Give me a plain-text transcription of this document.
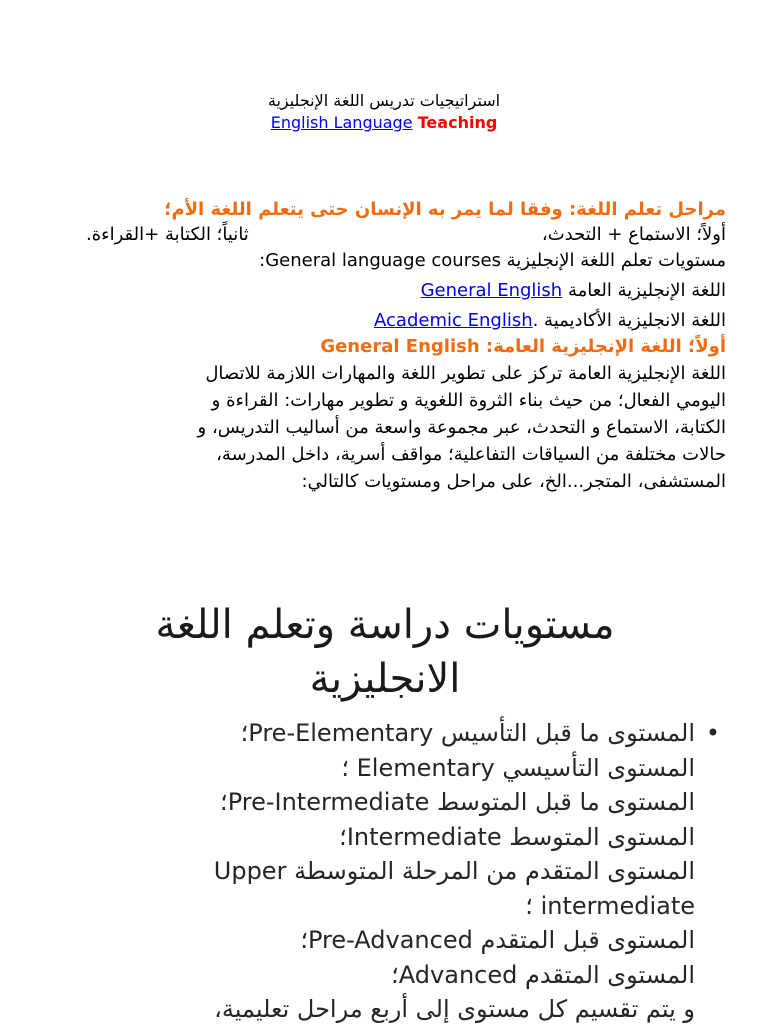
استراتيجيات تدريس اللغة الإنجليزية
English Language Teaching

مراحل تعلم اللغة: وفقا لما يمر به الإنسان حتى يتعلم اللغة الأم؛

أولاً؛ الاستماع + التحدث،
ثانياً؛ الكتابة +القراءة.

مستويات تعلم اللغة الإنجليزية General language courses:

اللغة الإنجليزية العامة General English

اللغة الانجليزية الأكاديمية .Academic English

أولاً؛ اللغة الإنجليزية العامة: General English

اللغة الإنجليزية العامة تركز على تطوير اللغة والمهارات اللازمة للاتصال
اليومي الفعال؛ من حيث بناء الثروة اللغوية و تطوير مهارات: القراءة و
الكتابة، الاستماع و التحدث، عبر مجموعة واسعة من أساليب التدريس، و
حالات مختلفة من السياقات التفاعلية؛ مواقف أسرية، داخل المدرسة،
المستشفى، المتجر...الخ، على مراحل ومستويات كالتالي:
مستويات دراسة وتعلم اللغة
الانجليزية
•
المستوى ما قبل التأسيس Pre-Elementary؛
المستوى التأسيسي Elementary ؛
المستوى ما قبل المتوسط Pre-Intermediate؛
المستوى المتوسط Intermediate؛
المستوى المتقدم من المرحلة المتوسطة Upper
intermediate ؛
المستوى قبل المتقدم Pre-Advanced؛
المستوى المتقدم Advanced؛
و يتم تقسيم كل مستوى إلى أربع مراحل تعليمية،
